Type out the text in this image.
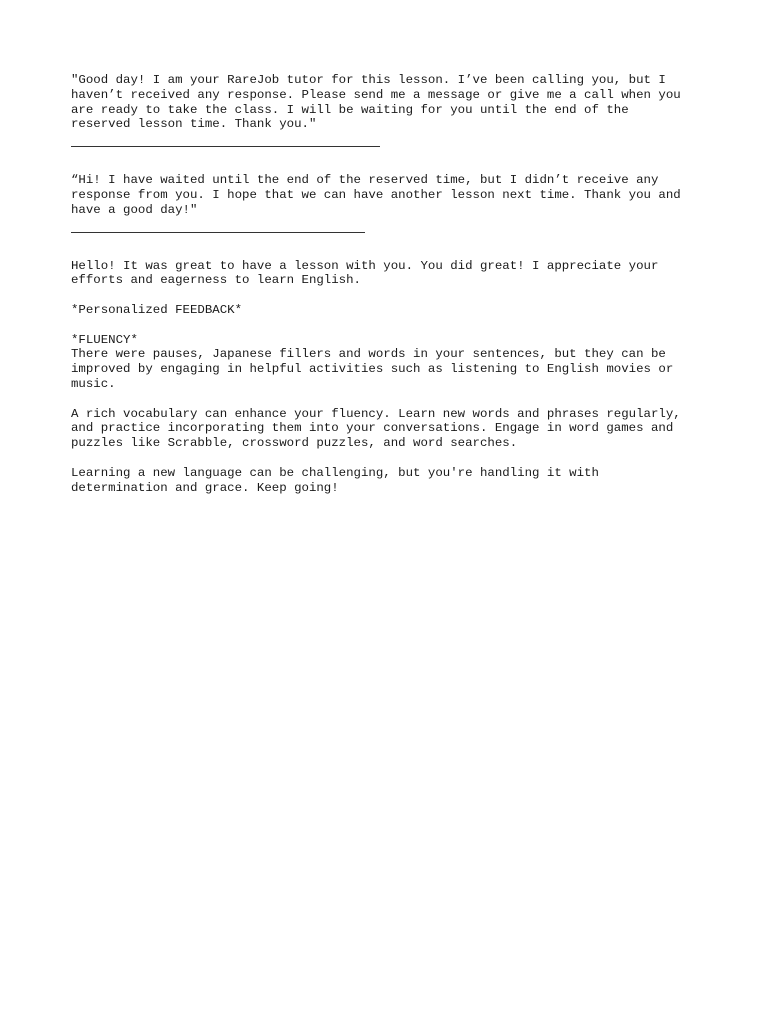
"Good day! I am your RareJob tutor for this lesson. I’ve been calling you, but I
haven’t received any response. Please send me a message or give me a call when you
are ready to take the class. I will be waiting for you until the end of the
reserved lesson time. Thank you."

“Hi! I have waited until the end of the reserved time, but I didn’t receive any
response from you. I hope that we can have another lesson next time. Thank you and
have a good day!"

Hello! It was great to have a lesson with you. You did great! I appreciate your
efforts and eagerness to learn English.

*Personalized FEEDBACK*

*FLUENCY*

There were pauses, Japanese fillers and words in your sentences, but they can be
improved by engaging in helpful activities such as listening to English movies or
music.

A rich vocabulary can enhance your fluency. Learn new words and phrases regularly,
and practice incorporating them into your conversations. Engage in word games and
puzzles like Scrabble, crossword puzzles, and word searches.

Learning a new language can be challenging, but you're handling it with
determination and grace. Keep going!
